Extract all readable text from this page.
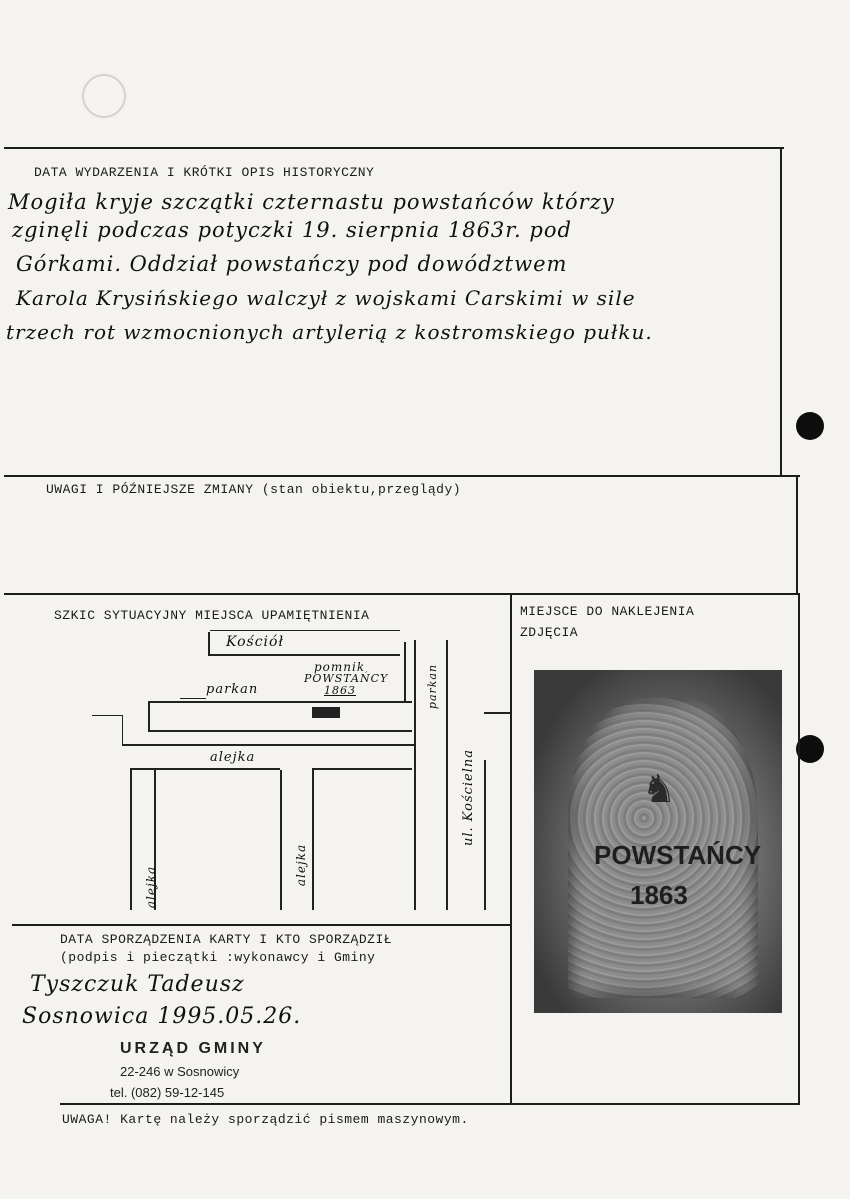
DATA WYDARZENIA I KRÓTKI OPIS HISTORYCZNY
Mogiła kryje szczątki czternastu powstańców którzy
zginęli podczas potyczki 19. sierpnia 1863r. pod
Górkami. Oddział powstańczy pod dowództwem
Karola Krysińskiego walczył z wojskami Carskimi w sile
trzech rot wzmocnionych artylerią z kostromskiego pułku.
UWAGI I PÓŹNIEJSZE ZMIANY (stan obiektu,przeglądy)
SZKIC SYTUACYJNY MIEJSCA UPAMIĘTNIENIA
Kościół
pomnik
POWSTAŃCY
1863
parkan
alejka
alejka
alejka
parkan
ul. Kościelna
MIEJSCE DO NAKLEJENIA
ZDJĘCIA
♞
POWSTAŃCY
1863
DATA SPORZĄDZENIA KARTY I KTO SPORZĄDZIŁ
(podpis i pieczątki :wykonawcy i Gminy
Tyszczuk Tadeusz
Sosnowica 1995.05.26.
URZĄD GMINY
22-246 w Sosnowicy
tel. (082) 59-12-145
UWAGA! Kartę należy sporządzić pismem maszynowym.
